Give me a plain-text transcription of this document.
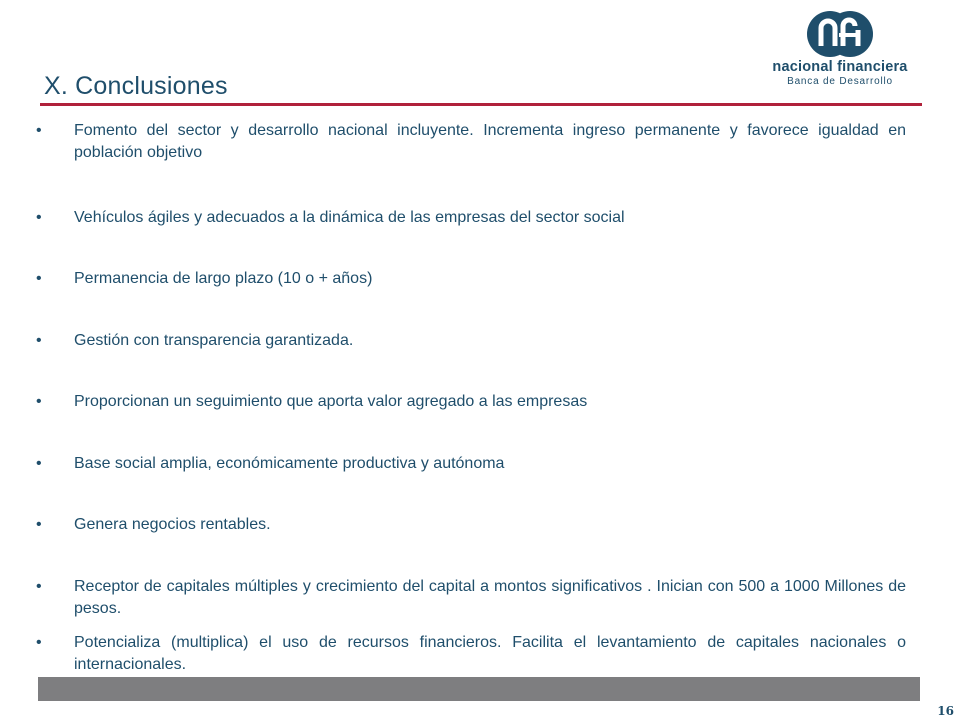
nacional financiera
Banca de Desarrollo
X. Conclusiones
•	Fomento del sector y desarrollo nacional incluyente. Incrementa ingreso permanente y favorece igualdad en población objetivo
•	Vehículos ágiles y adecuados a la dinámica de las empresas del sector social
•	Permanencia de largo plazo (10 o + años)
•	Gestión con transparencia garantizada.
•	Proporcionan un seguimiento que aporta valor agregado a las empresas
•	Base social amplia, económicamente productiva y autónoma
•	Genera negocios rentables.
•	Receptor de capitales múltiples y crecimiento del capital a montos significativos . Inician con 500 a 1000 Millones de pesos.
•	Potencializa (multiplica) el uso de recursos financieros. Facilita el levantamiento de capitales nacionales o internacionales.
16
